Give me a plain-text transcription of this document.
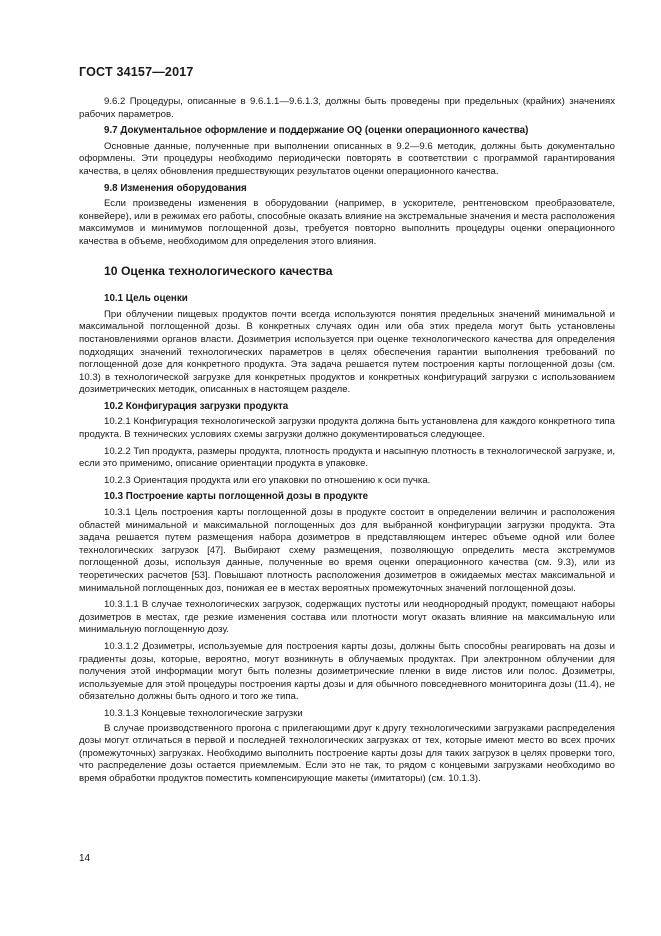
ГОСТ 34157—2017
9.6.2 Процедуры, описанные в 9.6.1.1—9.6.1.3, должны быть проведены при предельных (крайних) значениях рабочих параметров.
9.7 Документальное оформление и поддержание OQ (оценки операционного качества)
Основные данные, полученные при выполнении описанных в 9.2—9.6 методик, должны быть документально оформлены. Эти процедуры необходимо периодически повторять в соответствии с программой гарантирования качества, в целях обновления предшествующих результатов оценки операционного качества.
9.8 Изменения оборудования
Если произведены изменения в оборудовании (например, в ускорителе, рентгеновском преобразователе, конвейере), или в режимах его работы, способные оказать влияние на экстремальные значения и места расположения максимумов и минимумов поглощенной дозы, требуется повторно выполнить процедуры оценки операционного качества в объеме, необходимом для определения этого влияния.
10 Оценка технологического качества
10.1 Цель оценки
При облучении пищевых продуктов почти всегда используются понятия предельных значений минимальной и максимальной поглощенной дозы. В конкретных случаях один или оба этих предела могут быть установлены постановлениями органов власти. Дозиметрия используется при оценке технологического качества для определения подходящих значений технологических параметров в целях обеспечения гарантии выполнения требований по поглощенной дозе для конкретного продукта. Эта задача решается путем построения карты поглощенной дозы (см. 10.3) в технологической загрузке для конкретных продуктов и конкретных конфигураций загрузки с использованием дозиметрических методик, описанных в настоящем разделе.
10.2 Конфигурация загрузки продукта
10.2.1 Конфигурация технологической загрузки продукта должна быть установлена для каждого конкретного типа продукта. В технических условиях схемы загрузки должно документироваться следующее.
10.2.2 Тип продукта, размеры продукта, плотность продукта и насыпную плотность в технологической загрузке, и, если это применимо, описание ориентации продукта в упаковке.
10.2.3 Ориентация продукта или его упаковки по отношению к оси пучка.
10.3 Построение карты поглощенной дозы в продукте
10.3.1 Цель построения карты поглощенной дозы в продукте состоит в определении величин и расположения областей минимальной и максимальной поглощенных доз для выбранной конфигурации загрузки продукта. Эта задача решается путем размещения набора дозиметров в представляющем интерес объеме одной или более технологических загрузок [47]. Выбирают схему размещения, позволяющую определить места экстремумов поглощенной дозы, используя данные, полученные во время оценки операционного качества (см. 9.3), или из теоретических расчетов [53]. Повышают плотность расположения дозиметров в ожидаемых местах максимальной и минимальной поглощенных доз, понижая ее в местах вероятных промежуточных значений поглощенной дозы.
10.3.1.1 В случае технологических загрузок, содержащих пустоты или неоднородный продукт, помещают наборы дозиметров в местах, где резкие изменения состава или плотности могут оказать влияние на максимальную или минимальную поглощенную дозу.
10.3.1.2 Дозиметры, используемые для построения карты дозы, должны быть способны реагировать на дозы и градиенты дозы, которые, вероятно, могут возникнуть в облучаемых продуктах. При электронном облучении для получения этой информации могут быть полезны дозиметрические пленки в виде листов или полос. Дозиметры, используемые для этой процедуры построения карты дозы и для обычного повседневного мониторинга дозы (11.4), не обязательно должны быть одного и того же типа.
10.3.1.3 Концевые технологические загрузки
В случае производственного прогона с прилегающими друг к другу технологическими загрузками распределения дозы могут отличаться в первой и последней технологических загрузках от тех, которые имеют место во всех прочих (промежуточных) загрузках. Необходимо выполнить построение карты дозы для таких загрузок в целях проверки того, что распределение дозы остается приемлемым. Если это не так, то рядом с концевыми загрузками необходимо во время обработки продуктов поместить компенсирующие макеты (имитаторы) (см. 10.1.3).
14
